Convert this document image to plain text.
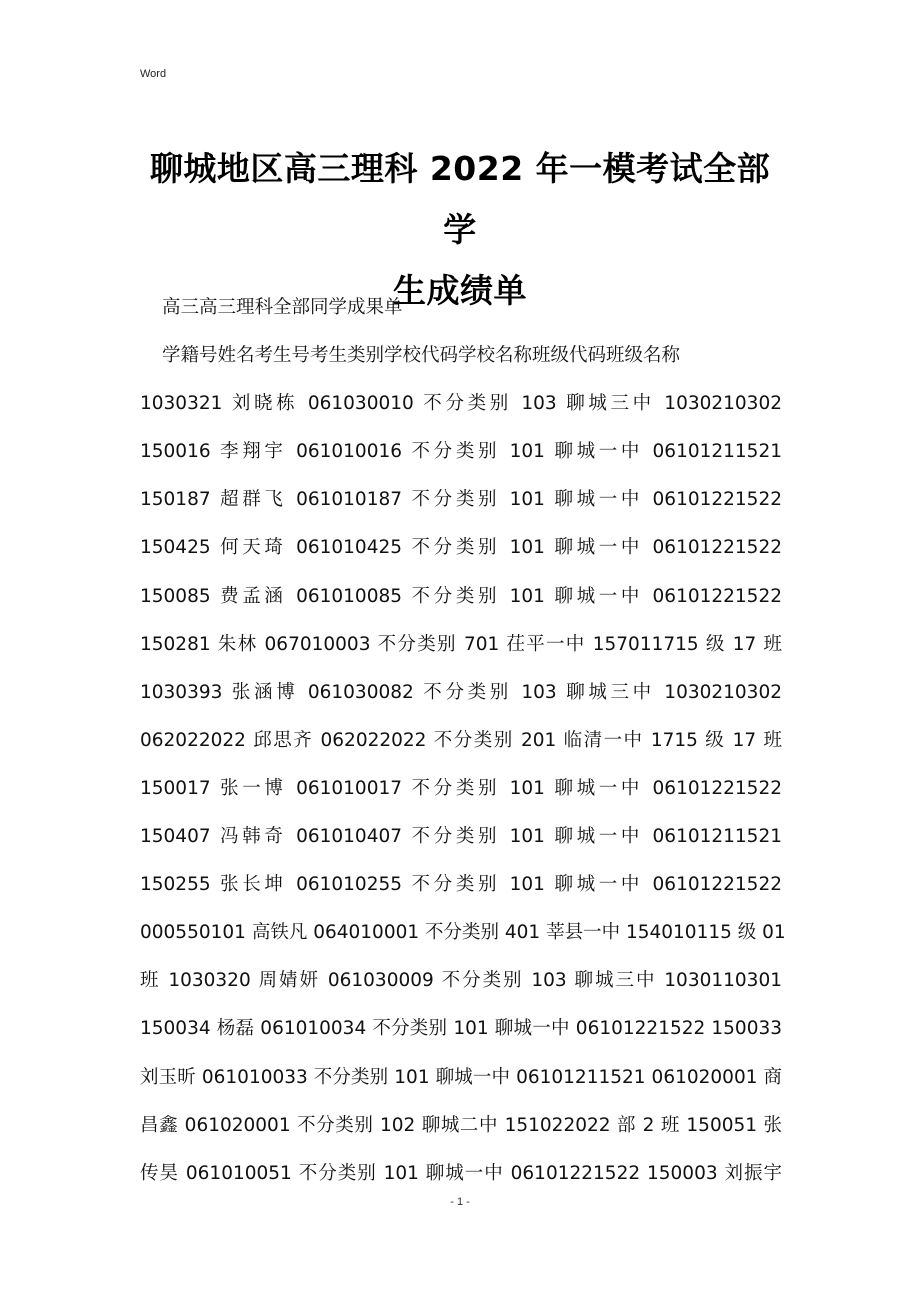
Word
聊城地区高三理科 2022 年一模考试全部学
生成绩单

高三高三理科全部同学成果单

学籍号姓名考生号考生类别学校代码学校名称班级代码班级名称

1030321 刘晓栋 061030010 不分类别 103 聊城三中 1030210302

150016 李翔宇 061010016 不分类别 101 聊城一中 06101211521

150187 超群飞 061010187 不分类别 101 聊城一中 06101221522

150425 何天琦 061010425 不分类别 101 聊城一中 06101221522

150085 费孟涵 061010085 不分类别 101 聊城一中 06101221522

150281 朱林 067010003 不分类别 701 茌平一中 157011715 级 17 班

1030393 张涵博 061030082 不分类别 103 聊城三中 1030210302

062022022 邱思齐 062022022 不分类别 201 临清一中 1715 级 17 班

150017 张一博 061010017 不分类别 101 聊城一中 06101221522

150407 冯韩奇 061010407 不分类别 101 聊城一中 06101211521

150255 张长坤 061010255 不分类别 101 聊城一中 06101221522

000550101 高铁凡 064010001 不分类别 401 莘县一中 154010115 级 01

班 1030320 周婧妍 061030009 不分类别 103 聊城三中 1030110301

150034 杨磊 061010034 不分类别 101 聊城一中 06101221522 150033

刘玉昕 061010033 不分类别 101 聊城一中 06101211521 061020001 商

昌鑫 061020001 不分类别 102 聊城二中 151022022 部 2 班 150051 张

传昊 061010051 不分类别 101 聊城一中 06101221522 150003 刘振宇

- 1 -
